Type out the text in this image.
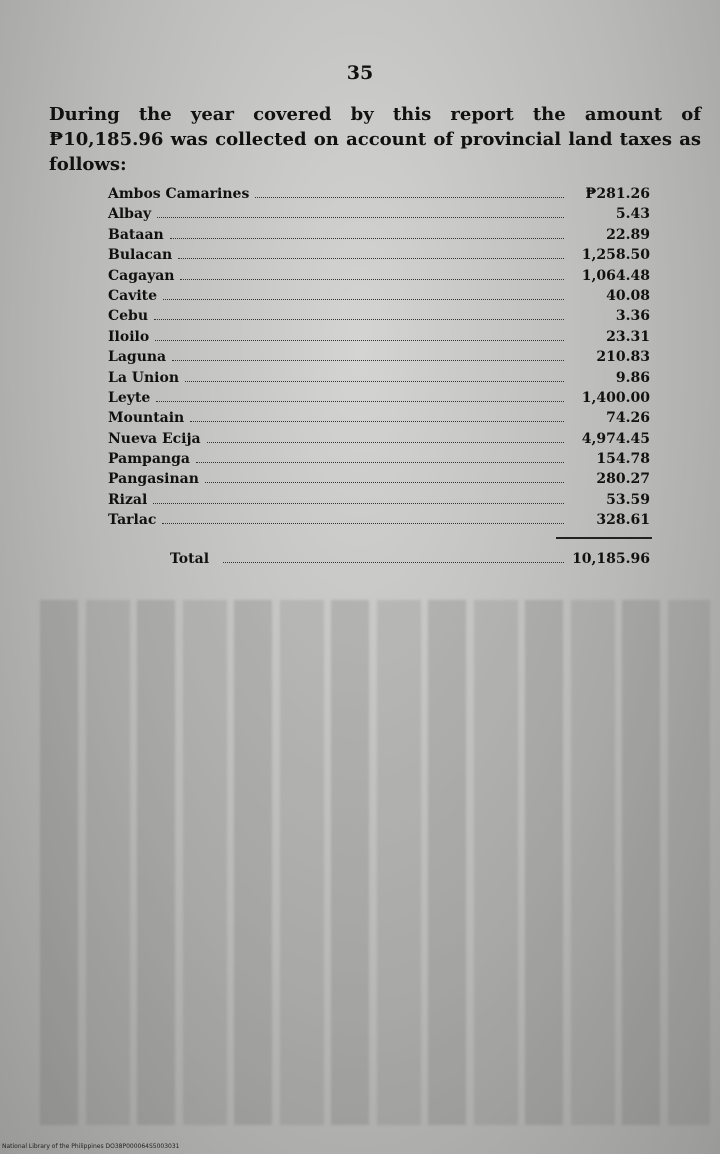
35
During the year covered by this report the amount of ₱10,185.96 was collected on account of provincial land taxes as follows:
Ambos Camarines	₱281.26
Albay	5.43
Bataan	22.89
Bulacan	1,258.50
Cagayan	1,064.48
Cavite	40.08
Cebu	3.36
Iloilo	23.31
Laguna	210.83
La Union	9.86
Leyte	1,400.00
Mountain	74.26
Nueva Ecija	4,974.45
Pampanga	154.78
Pangasinan	280.27
Rizal	53.59
Tarlac	328.61
Total	10,185.96
National Library of the Philippines DO38P000064S5003031
